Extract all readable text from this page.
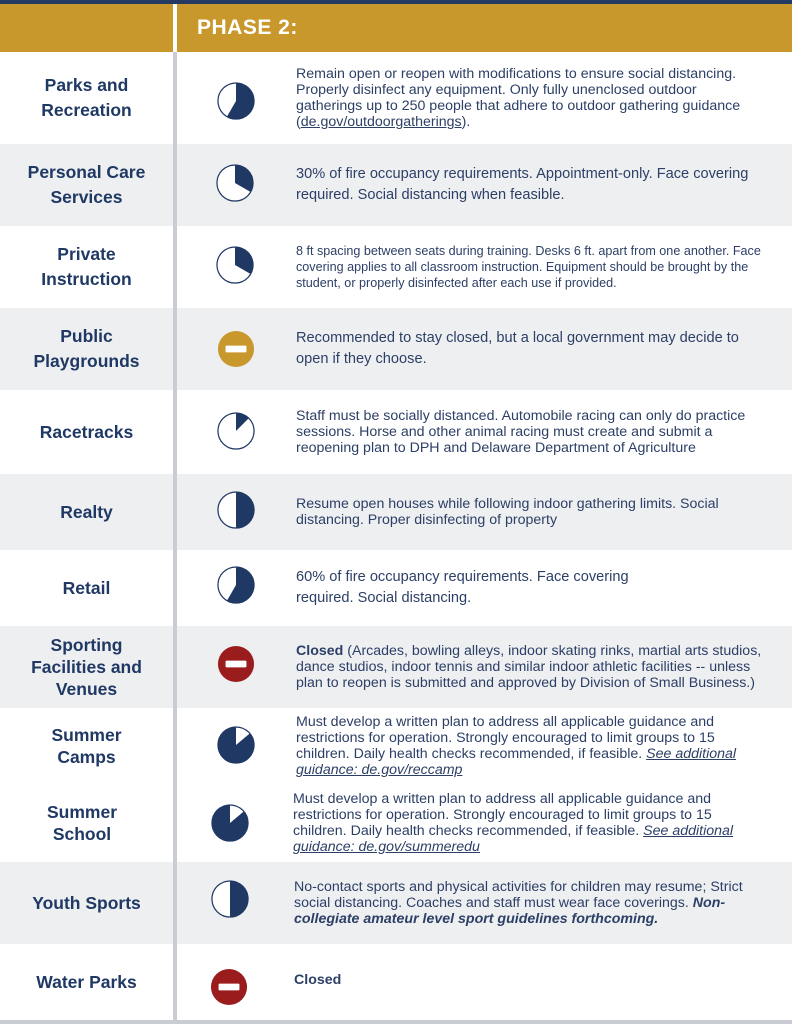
PHASE 2:
Parks and
Recreation
Remain open or reopen with modifications to ensure social distancing. Properly disinfect any equipment. Only fully unenclosed outdoor gatherings up to 250 people that adhere to outdoor gathering guidance (de.gov/outdoorgatherings).
Personal Care
Services
30% of fire occupancy requirements. Appointment-only. Face covering required. Social distancing when feasible.
Private
Instruction
8 ft spacing between seats during training. Desks 6 ft. apart from one another. Face covering applies to all classroom instruction. Equipment should be brought by the student, or properly disinfected after each use if provided.
Public
Playgrounds
Recommended to stay closed, but a local government may decide to open if they choose.
Racetracks
Staff must be socially distanced. Automobile racing can only do practice sessions. Horse and other animal racing must create and submit a reopening plan to DPH and Delaware Department of Agriculture
Realty	Resume open houses while following indoor gathering limits. Social distancing. Proper disinfecting of property
Retail
60% of fire occupancy requirements. Face covering required. Social distancing.
Sporting
Facilities and
Venues
Closed (Arcades, bowling alleys, indoor skating rinks, martial arts studios, dance studios, indoor tennis and similar indoor athletic facilities -- unless plan to reopen is submitted and approved by Division of Small Business.)
Summer
Camps
Must develop a written plan to address all applicable guidance and restrictions for operation. Strongly encouraged to limit groups to 15 children. Daily health checks recommended, if feasible. See additional guidance: de.gov/reccamp
Summer
School
Must develop a written plan to address all applicable guidance and restrictions for operation. Strongly encouraged to limit groups to 15 children. Daily health checks recommended, if feasible. See additional guidance: de.gov/summeredu
Youth Sports
No-contact sports and physical activities for children may resume; Strict social distancing. Coaches and staff must wear face coverings. Non-collegiate amateur level sport guidelines forthcoming.
Water Parks	Closed
